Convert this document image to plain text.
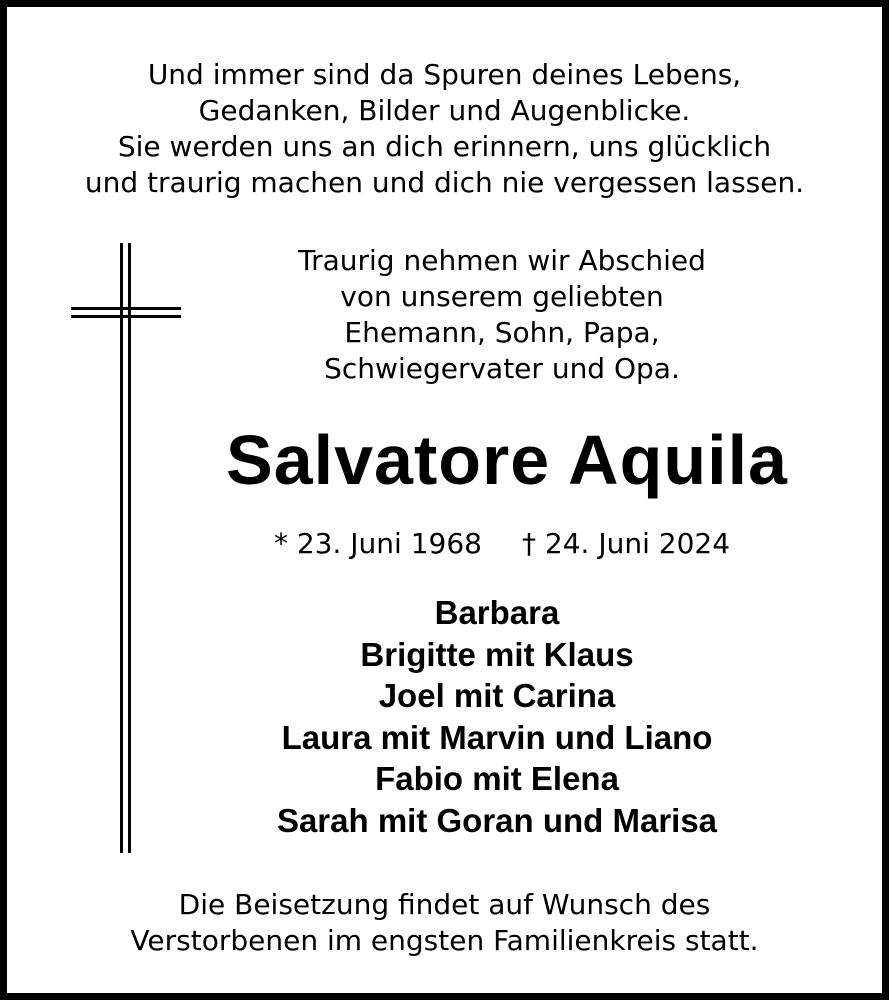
Und immer sind da Spuren deines Lebens,
Gedanken, Bilder und Augenblicke.
Sie werden uns an dich erinnern, uns glücklich
und traurig machen und dich nie vergessen lassen.
Traurig nehmen wir Abschied
von unserem geliebten
Ehemann, Sohn, Papa,
Schwiegervater und Opa.
Salvatore Aquila
* 23. Juni 1968 † 24. Juni 2024
Barbara
Brigitte mit Klaus
Joel mit Carina
Laura mit Marvin und Liano
Fabio mit Elena
Sarah mit Goran und Marisa
Die Beisetzung findet auf Wunsch des
Verstorbenen im engsten Familienkreis statt.
